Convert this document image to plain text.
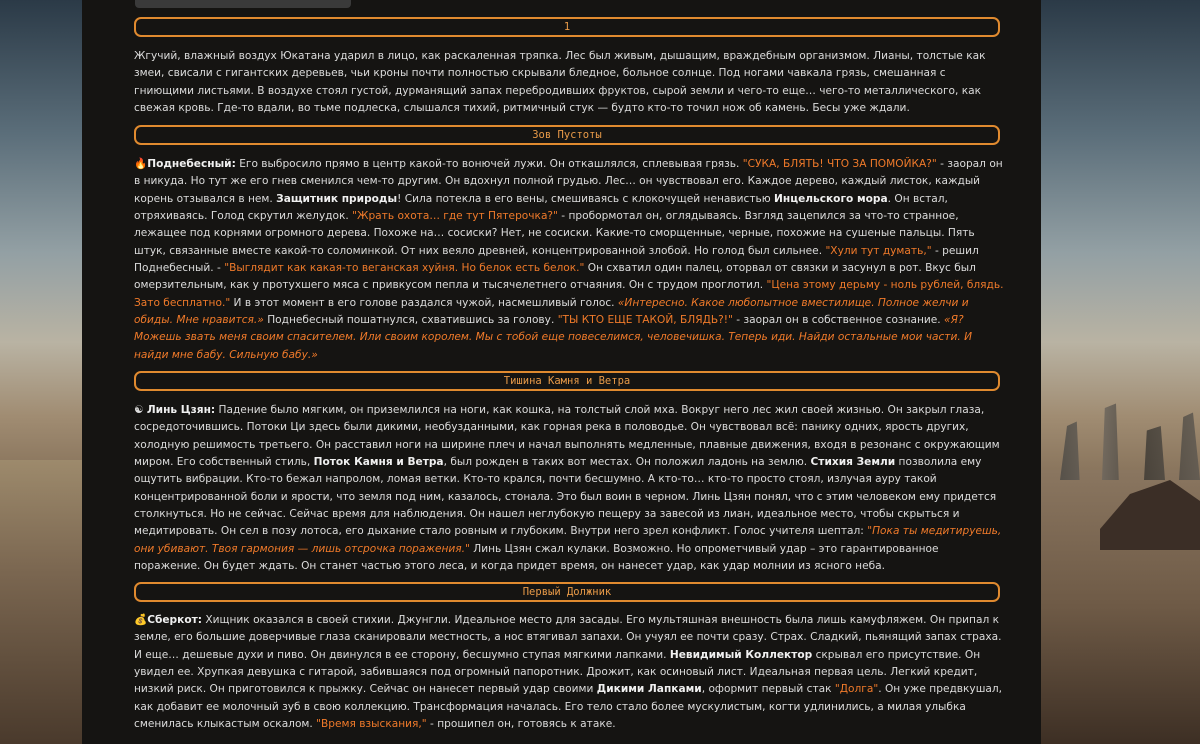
1
Жгучий, влажный воздух Юкатана ударил в лицо, как раскаленная тряпка. Лес был живым, дышащим, враждебным организмом. Лианы, толстые как змеи, свисали с гигантских деревьев, чьи кроны почти полностью скрывали бледное, больное солнце. Под ногами чавкала грязь, смешанная с гниющими листьями. В воздухе стоял густой, дурманящий запах перебродивших фруктов, сырой земли и чего-то еще… чего-то металлического, как свежая кровь. Где-то вдали, во тьме подлеска, слышался тихий, ритмичный стук — будто кто-то точил нож об камень. Бесы уже ждали.
Зов Пустоты
🔥Поднебесный: Его выбросило прямо в центр какой-то вонючей лужи. Он откашлялся, сплевывая грязь. "СУКА, БЛЯТЬ! ЧТО ЗА ПОМОЙКА?" - заорал он в никуда. Но тут же его гнев сменился чем-то другим. Он вдохнул полной грудью. Лес… он чувствовал его. Каждое дерево, каждый листок, каждый корень отзывался в нем. Защитник природы! Сила потекла в его вены, смешиваясь с клокочущей ненавистью Инцельского мора. Он встал, отряхиваясь. Голод скрутил желудок. "Жрать охота… где тут Пятерочка?" - пробормотал он, оглядываясь. Взгляд зацепился за что-то странное, лежащее под корнями огромного дерева. Похоже на… сосиски? Нет, не сосиски. Какие-то сморщенные, черные, похожие на сушеные пальцы. Пять штук, связанные вместе какой-то соломинкой. От них веяло древней, концентрированной злобой. Но голод был сильнее. "Хули тут думать," - решил Поднебесный. - "Выглядит как какая-то веганская хуйня. Но белок есть белок." Он схватил один палец, оторвал от связки и засунул в рот. Вкус был омерзительным, как у протухшего мяса с привкусом пепла и тысячелетнего отчаяния. Он с трудом проглотил. "Цена этому дерьму - ноль рублей, блядь. Зато бесплатно." И в этот момент в его голове раздался чужой, насмешливый голос. «Интересно. Какое любопытное вместилище. Полное желчи и обиды. Мне нравится.» Поднебесный пошатнулся, схватившись за голову. "ТЫ КТО ЕЩЕ ТАКОЙ, БЛЯДЬ?!" - заорал он в собственное сознание. «Я? Можешь звать меня своим спасителем. Или своим королем. Мы с тобой еще повеселимся, человечишка. Теперь иди. Найди остальные мои части. И найди мне бабу. Сильную бабу.»
Тишина Камня и Ветра
☯ Линь Цзян: Падение было мягким, он приземлился на ноги, как кошка, на толстый слой мха. Вокруг него лес жил своей жизнью. Он закрыл глаза, сосредоточившись. Потоки Ци здесь были дикими, необузданными, как горная река в половодье. Он чувствовал всё: панику одних, ярость других, холодную решимость третьего. Он расставил ноги на ширине плеч и начал выполнять медленные, плавные движения, входя в резонанс с окружающим миром. Его собственный стиль, Поток Камня и Ветра, был рожден в таких вот местах. Он положил ладонь на землю. Стихия Земли позволила ему ощутить вибрации. Кто-то бежал напролом, ломая ветки. Кто-то крался, почти бесшумно. А кто-то… кто-то просто стоял, излучая ауру такой концентрированной боли и ярости, что земля под ним, казалось, стонала. Это был воин в черном. Линь Цзян понял, что с этим человеком ему придется столкнуться. Но не сейчас. Сейчас время для наблюдения. Он нашел неглубокую пещеру за завесой из лиан, идеальное место, чтобы скрыться и медитировать. Он сел в позу лотоса, его дыхание стало ровным и глубоким. Внутри него зрел конфликт. Голос учителя шептал: "Пока ты медитируешь, они убивают. Твоя гармония — лишь отсрочка поражения." Линь Цзян сжал кулаки. Возможно. Но опрометчивый удар – это гарантированное поражение. Он будет ждать. Он станет частью этого леса, и когда придет время, он нанесет удар, как удар молнии из ясного неба.
Первый Должник
💰Сберкот: Хищник оказался в своей стихии. Джунгли. Идеальное место для засады. Его мультяшная внешность была лишь камуфляжем. Он припал к земле, его большие доверчивые глаза сканировали местность, а нос втягивал запахи. Он учуял ее почти сразу. Страх. Сладкий, пьянящий запах страха. И еще… дешевые духи и пиво. Он двинулся в ее сторону, бесшумно ступая мягкими лапками. Невидимый Коллектор скрывал его присутствие. Он увидел ее. Хрупкая девушка с гитарой, забившаяся под огромный папоротник. Дрожит, как осиновый лист. Идеальная первая цель. Легкий кредит, низкий риск. Он приготовился к прыжку. Сейчас он нанесет первый удар своими Дикими Лапками, оформит первый стак "Долга". Он уже предвкушал, как добавит ее молочный зуб в свою коллекцию. Трансформация началась. Его тело стало более мускулистым, когти удлинились, а милая улыбка сменилась клыкастым оскалом. "Время взыскания," - прошипел он, готовясь к атаке.
